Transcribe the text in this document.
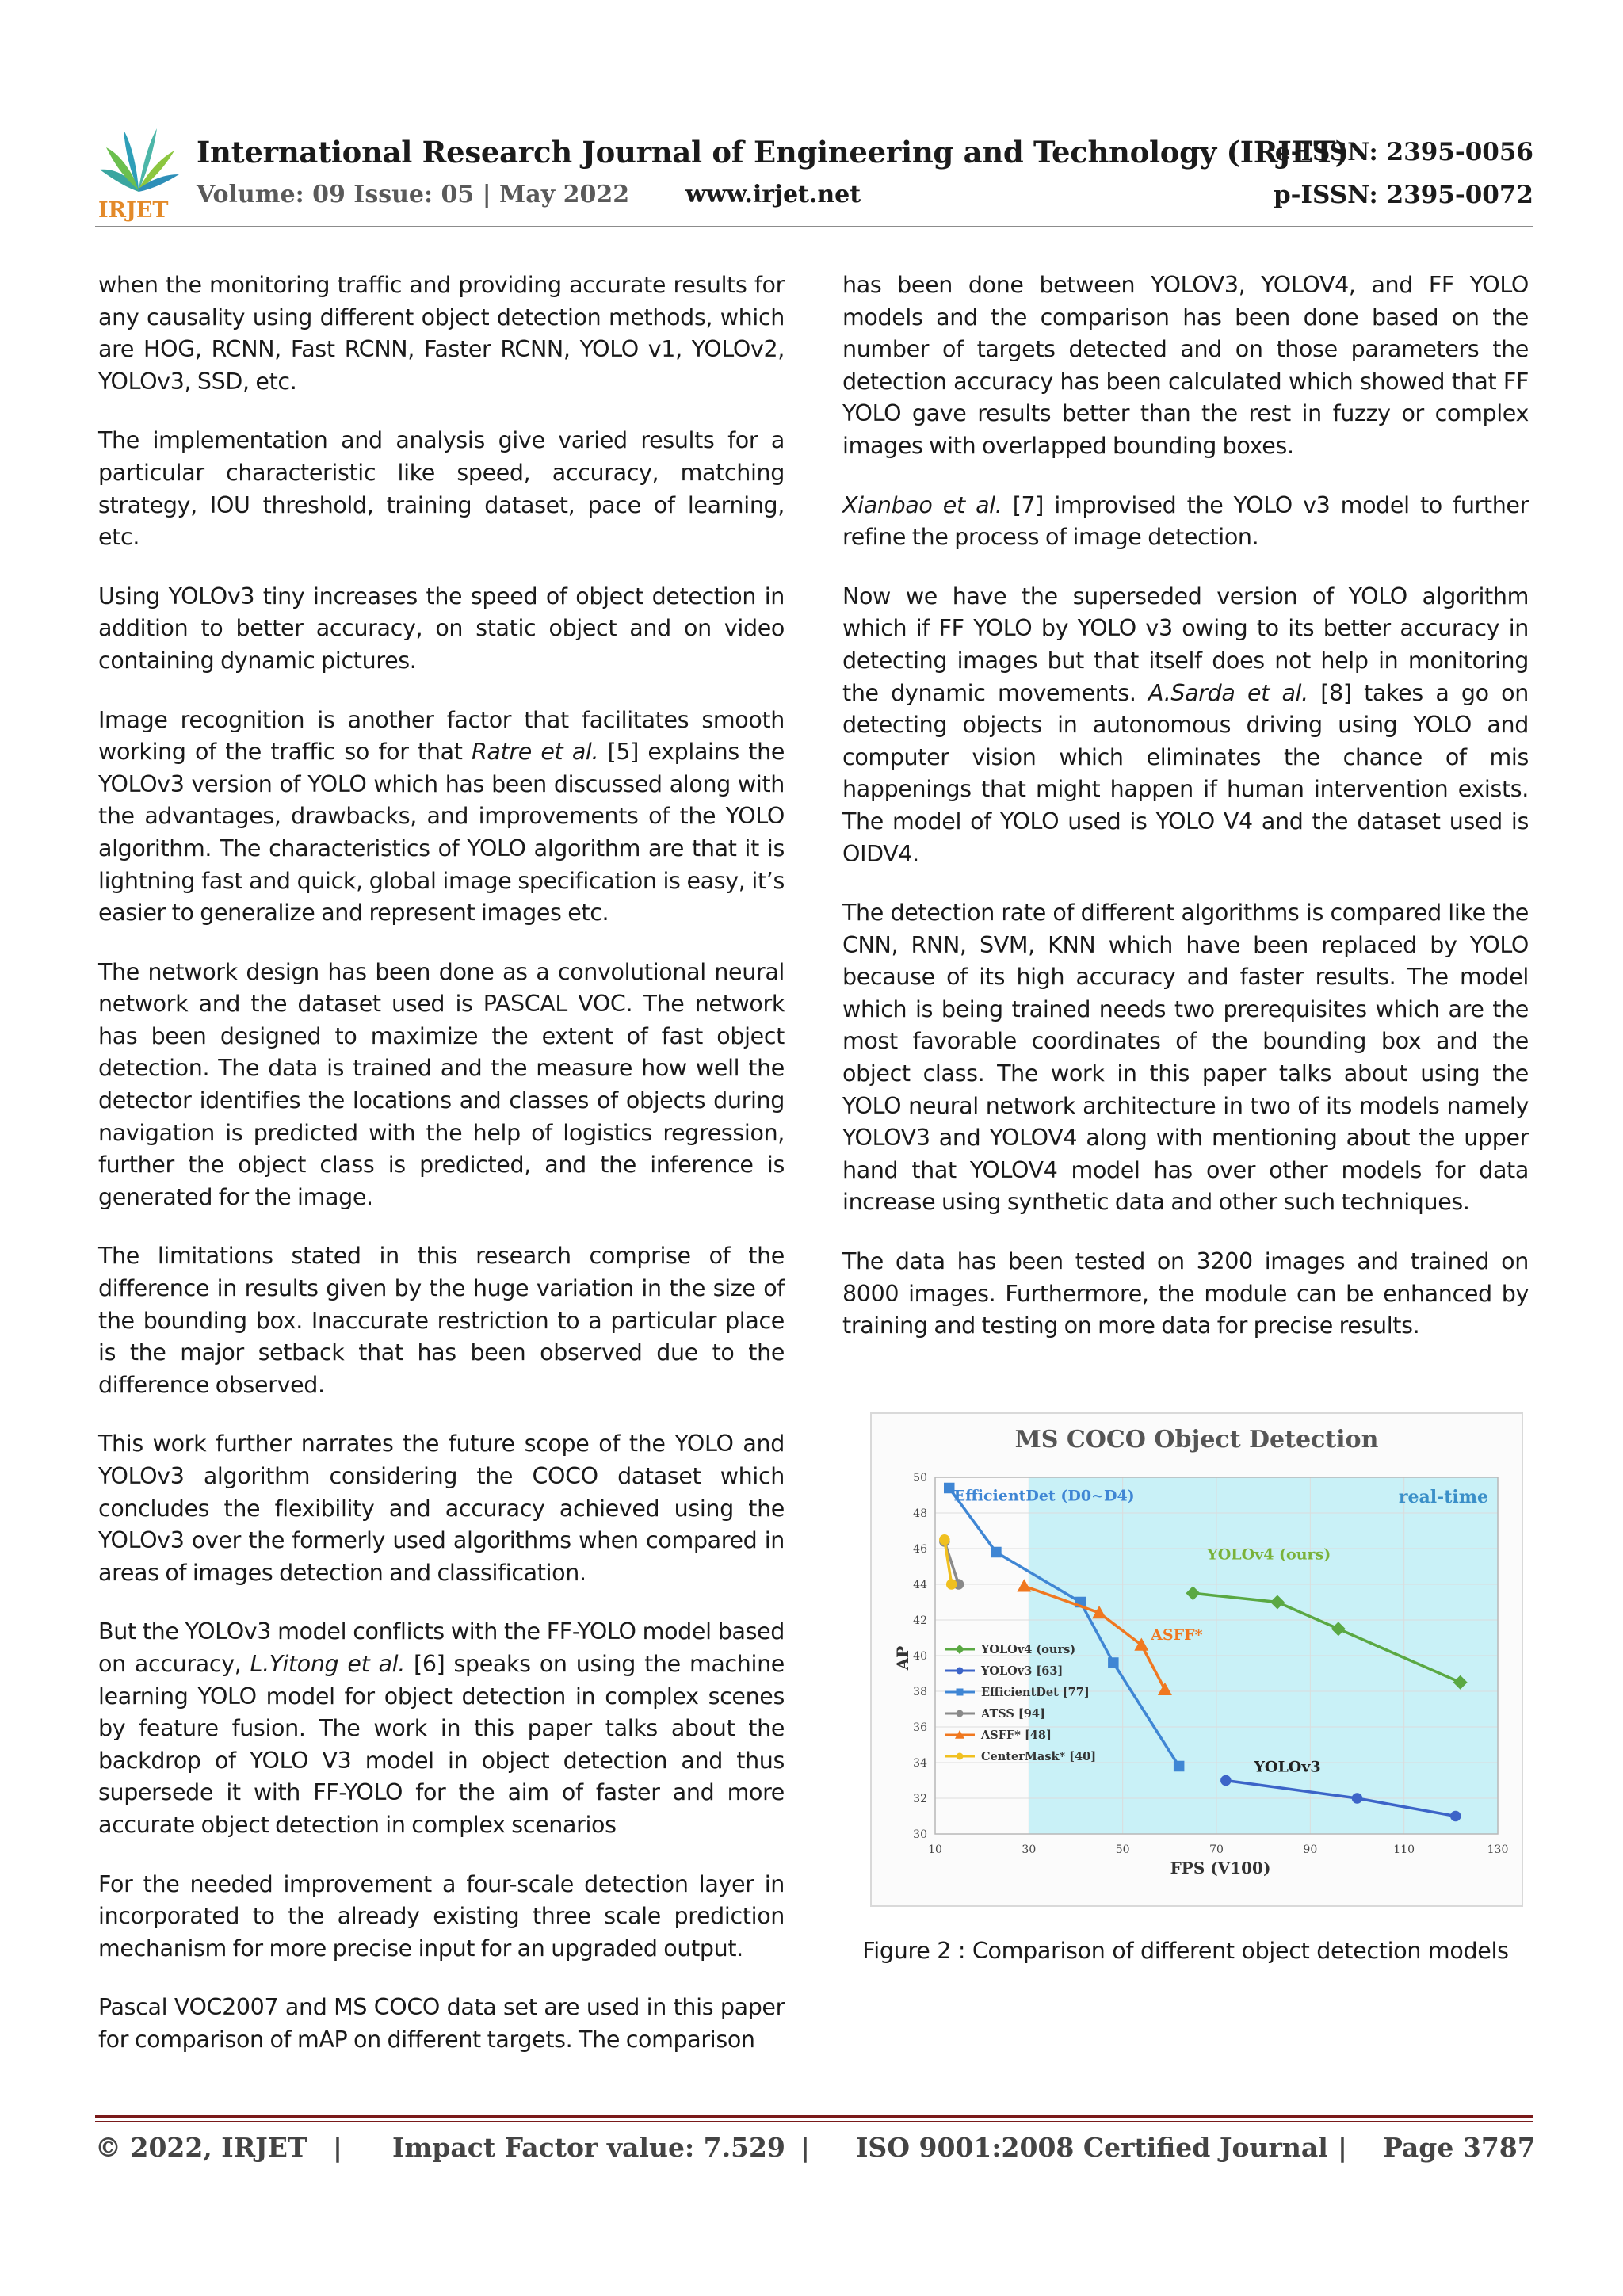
IRJET
International Research Journal of Engineering and Technology (IRJET)
Volume: 09 Issue: 05 | May 2022 www.irjet.net
e-ISSN: 2395-0056
p-ISSN: 2395-0072

when the monitoring traffic and providing accurate results for any causality using different object detection methods, which are HOG, RCNN, Fast RCNN, Faster RCNN, YOLO v1, YOLOv2, YOLOv3, SSD, etc.

The implementation and analysis give varied results for a particular characteristic like speed, accuracy, matching strategy, IOU threshold, training dataset, pace of learning, etc.

Using YOLOv3 tiny increases the speed of object detection in addition to better accuracy, on static object and on video containing dynamic pictures.

Image recognition is another factor that facilitates smooth working of the traffic so for that Ratre et al. [5] explains the YOLOv3 version of YOLO which has been discussed along with the advantages, drawbacks, and improvements of the YOLO algorithm. The characteristics of YOLO algorithm are that it is lightning fast and quick, global image specification is easy, it’s easier to generalize and represent images etc.

The network design has been done as a convolutional neural network and the dataset used is PASCAL VOC. The network has been designed to maximize the extent of fast object detection. The data is trained and the measure how well the detector identifies the locations and classes of objects during navigation is predicted with the help of logistics regression, further the object class is predicted, and the inference is generated for the image.

The limitations stated in this research comprise of the difference in results given by the huge variation in the size of the bounding box. Inaccurate restriction to a particular place is the major setback that has been observed due to the difference observed.

This work further narrates the future scope of the YOLO and YOLOv3 algorithm considering the COCO dataset which concludes the flexibility and accuracy achieved using the YOLOv3 over the formerly used algorithms when compared in areas of images detection and classification.

But the YOLOv3 model conflicts with the FF-YOLO model based on accuracy, L.Yitong et al. [6] speaks on using the machine learning YOLO model for object detection in complex scenes by feature fusion. The work in this paper talks about the backdrop of YOLO V3 model in object detection and thus supersede it with FF-YOLO for the aim of faster and more accurate object detection in complex scenarios

For the needed improvement a four-scale detection layer in incorporated to the already existing three scale prediction mechanism for more precise input for an upgraded output.

Pascal VOC2007 and MS COCO data set are used in this paper for comparison of mAP on different targets. The comparison

has been done between YOLOV3, YOLOV4, and FF YOLO models and the comparison has been done based on the number of targets detected and on those parameters the detection accuracy has been calculated which showed that FF YOLO gave results better than the rest in fuzzy or complex images with overlapped bounding boxes.

Xianbao et al. [7] improvised the YOLO v3 model to further refine the process of image detection.

Now we have the superseded version of YOLO algorithm which if FF YOLO by YOLO v3 owing to its better accuracy in detecting images but that itself does not help in monitoring the dynamic movements. A.Sarda et al. [8] takes a go on detecting objects in autonomous driving using YOLO and computer vision which eliminates the chance of mis happenings that might happen if human intervention exists. The model of YOLO used is YOLO V4 and the dataset used is OIDV4.

The detection rate of different algorithms is compared like the CNN, RNN, SVM, KNN which have been replaced by YOLO because of its high accuracy and faster results. The model which is being trained needs two prerequisites which are the most favorable coordinates of the bounding box and the object class. The work in this paper talks about using the YOLO neural network architecture in two of its models namely YOLOV3 and YOLOV4 along with mentioning about the upper hand that YOLOV4 model has over other models for data increase using synthetic data and other such techniques.

The data has been tested on 3200 images and trained on 8000 images. Furthermore, the module can be enhanced by training and testing on more data for precise results.

MS COCO Object Detection
real-time
30
32
34
36
38
40
42
44
46
48
50
10	30	50	70	90	110	130
FPS (V100)
AP
EfficientDet (D0~D4)
YOLOv4 (ours)
ASFF*
YOLOv3
YOLOv4 (ours)
YOLOv3 [63]
EfficientDet [77]
ATSS [94]
ASFF* [48]
CenterMask* [40]
Figure 2 : Comparison of different object detection models
© 2022, IRJET | Impact Factor value: 7.529 | ISO 9001:2008 Certified Journal | Page 3787
